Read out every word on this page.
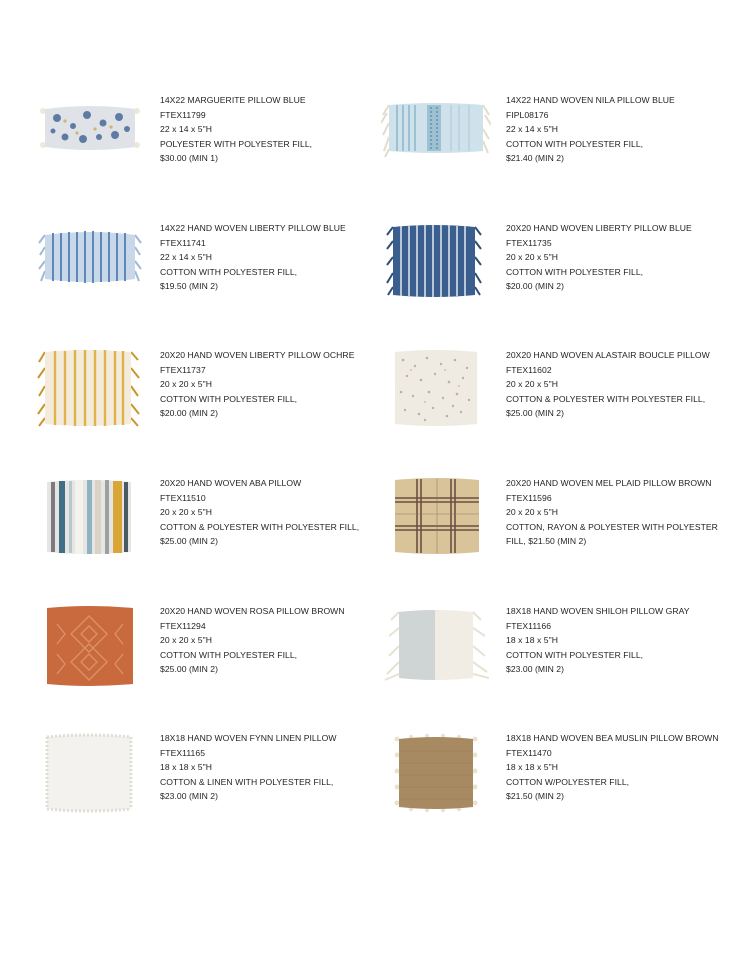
14X22 MARGUERITE PILLOW BLUE
FTEX11799
22 x 14 x 5"H
POLYESTER WITH POLYESTER FILL,
$30.00 (MIN 1)
14X22 HAND WOVEN NILA PILLOW BLUE
FIPL08176
22 x 14 x 5"H
COTTON WITH POLYESTER FILL,
$21.40 (MIN 2)
14X22 HAND WOVEN LIBERTY PILLOW BLUE
FTEX11741
22 x 14 x 5"H
COTTON WITH POLYESTER FILL,
$19.50 (MIN 2)
20X20 HAND WOVEN LIBERTY PILLOW BLUE
FTEX11735
20 x 20 x 5"H
COTTON WITH POLYESTER FILL,
$20.00 (MIN 2)
20X20 HAND WOVEN LIBERTY PILLOW OCHRE
FTEX11737
20 x 20 x 5"H
COTTON WITH POLYESTER FILL,
$20.00 (MIN 2)
20X20 HAND WOVEN ALASTAIR BOUCLE PILLOW
FTEX11602
20 x 20 x 5"H
COTTON & POLYESTER WITH POLYESTER FILL,
$25.00 (MIN 2)
20X20 HAND WOVEN ABA PILLOW
FTEX11510
20 x 20 x 5"H
COTTON & POLYESTER WITH POLYESTER FILL,
$25.00 (MIN 2)
20X20 HAND WOVEN MEL PLAID PILLOW BROWN
FTEX11596
20 x 20 x 5"H
COTTON, RAYON & POLYESTER WITH POLYESTER FILL, $21.50 (MIN 2)
20X20 HAND WOVEN ROSA PILLOW BROWN
FTEX11294
20 x 20 x 5"H
COTTON WITH POLYESTER FILL,
$25.00 (MIN 2)
18X18 HAND WOVEN SHILOH PILLOW GRAY
FTEX11166
18 x 18 x 5"H
COTTON WITH POLYESTER FILL,
$23.00 (MIN 2)
18X18 HAND WOVEN FYNN LINEN PILLOW
FTEX11165
18 x 18 x 5"H
COTTON & LINEN WITH POLYESTER FILL,
$23.00 (MIN 2)
18X18 HAND WOVEN BEA MUSLIN PILLOW BROWN
FTEX11470
18 x 18 x 5"H
COTTON W/POLYESTER FILL,
$21.50 (MIN 2)
